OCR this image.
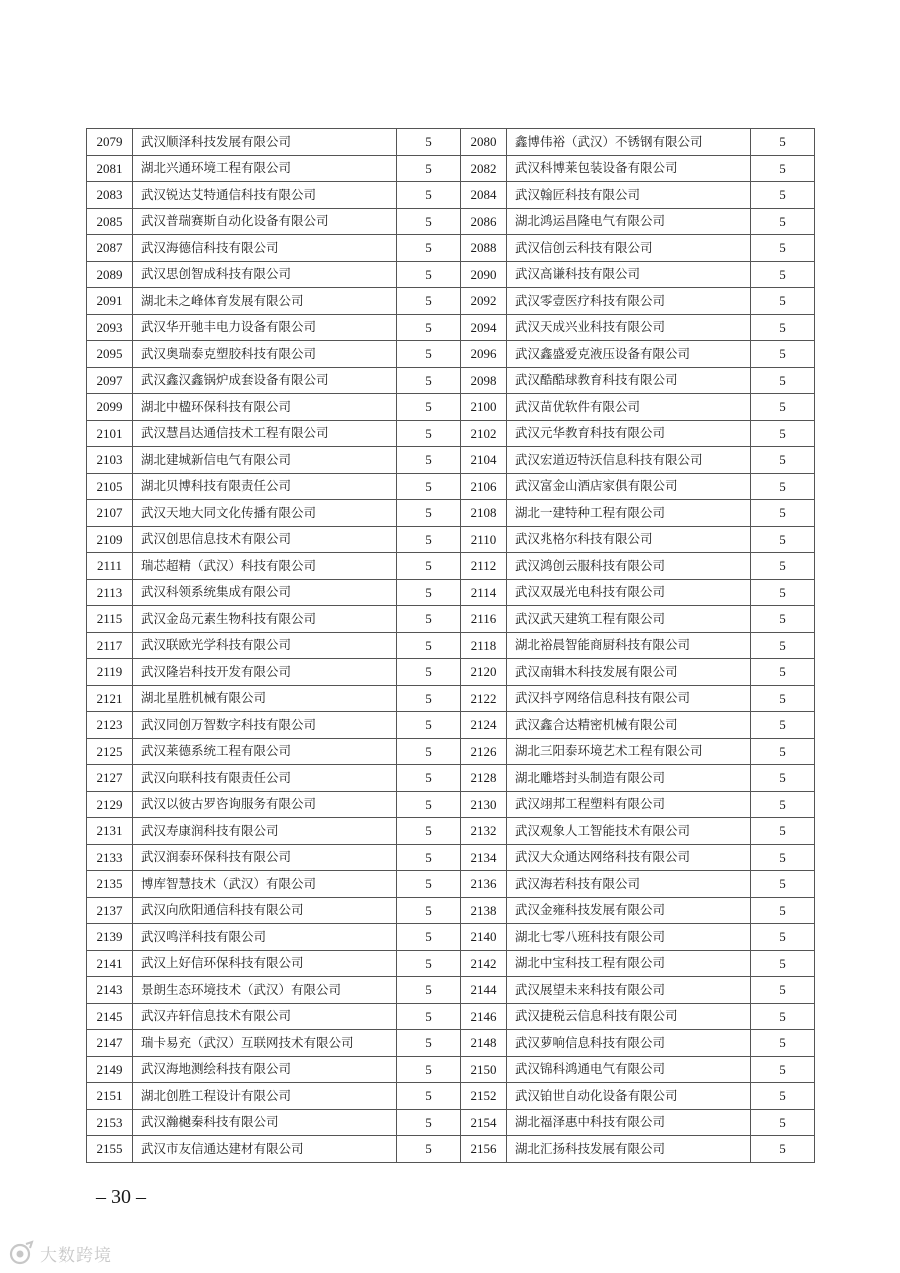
2079	武汉顺泽科技发展有限公司	5	2080	鑫博伟裕（武汉）不锈钢有限公司	5
2081	湖北兴通环境工程有限公司	5	2082	武汉科博莱包装设备有限公司	5
2083	武汉锐达艾特通信科技有限公司	5	2084	武汉翰匠科技有限公司	5
2085	武汉普瑞赛斯自动化设备有限公司	5	2086	湖北鸿运昌隆电气有限公司	5
2087	武汉海德信科技有限公司	5	2088	武汉信创云科技有限公司	5
2089	武汉思创智成科技有限公司	5	2090	武汉高谦科技有限公司	5
2091	湖北未之峰体育发展有限公司	5	2092	武汉零壹医疗科技有限公司	5
2093	武汉华开驰丰电力设备有限公司	5	2094	武汉天成兴业科技有限公司	5
2095	武汉奥瑞泰克塑胶科技有限公司	5	2096	武汉鑫盛爱克液压设备有限公司	5
2097	武汉鑫汉鑫锅炉成套设备有限公司	5	2098	武汉酷酷球教育科技有限公司	5
2099	湖北中楹环保科技有限公司	5	2100	武汉苗优软件有限公司	5
2101	武汉慧昌达通信技术工程有限公司	5	2102	武汉元华教育科技有限公司	5
2103	湖北建城新信电气有限公司	5	2104	武汉宏道迈特沃信息科技有限公司	5
2105	湖北贝博科技有限责任公司	5	2106	武汉富金山酒店家俱有限公司	5
2107	武汉天地大同文化传播有限公司	5	2108	湖北一建特种工程有限公司	5
2109	武汉创思信息技术有限公司	5	2110	武汉兆格尔科技有限公司	5
2111	瑞芯超精（武汉）科技有限公司	5	2112	武汉鸿创云服科技有限公司	5
2113	武汉科领系统集成有限公司	5	2114	武汉双晟光电科技有限公司	5
2115	武汉金岛元素生物科技有限公司	5	2116	武汉武天建筑工程有限公司	5
2117	武汉联欧光学科技有限公司	5	2118	湖北裕晨智能商厨科技有限公司	5
2119	武汉隆岩科技开发有限公司	5	2120	武汉南辑木科技发展有限公司	5
2121	湖北星胜机械有限公司	5	2122	武汉抖亨网络信息科技有限公司	5
2123	武汉同创万智数字科技有限公司	5	2124	武汉鑫合达精密机械有限公司	5
2125	武汉莱德系统工程有限公司	5	2126	湖北三阳泰环境艺术工程有限公司	5
2127	武汉向联科技有限责任公司	5	2128	湖北雕塔封头制造有限公司	5
2129	武汉以彼古罗咨询服务有限公司	5	2130	武汉翊邦工程塑料有限公司	5
2131	武汉寿康润科技有限公司	5	2132	武汉观象人工智能技术有限公司	5
2133	武汉润泰环保科技有限公司	5	2134	武汉大众通达网络科技有限公司	5
2135	博库智慧技术（武汉）有限公司	5	2136	武汉海若科技有限公司	5
2137	武汉向欣阳通信科技有限公司	5	2138	武汉金雍科技发展有限公司	5
2139	武汉鸣洋科技有限公司	5	2140	湖北七零八班科技有限公司	5
2141	武汉上好信环保科技有限公司	5	2142	湖北中宝科技工程有限公司	5
2143	景朗生态环境技术（武汉）有限公司	5	2144	武汉展望未来科技有限公司	5
2145	武汉卉轩信息技术有限公司	5	2146	武汉捷税云信息科技有限公司	5
2147	瑞卡易充（武汉）互联网技术有限公司	5	2148	武汉萝响信息科技有限公司	5
2149	武汉海地测绘科技有限公司	5	2150	武汉锦科鸿通电气有限公司	5
2151	湖北创胜工程设计有限公司	5	2152	武汉铂世自动化设备有限公司	5
2153	武汉瀚樾秦科技有限公司	5	2154	湖北福泽惠中科技有限公司	5
2155	武汉市友信通达建材有限公司	5	2156	湖北汇扬科技发展有限公司	5
– 30 –
大数跨境
